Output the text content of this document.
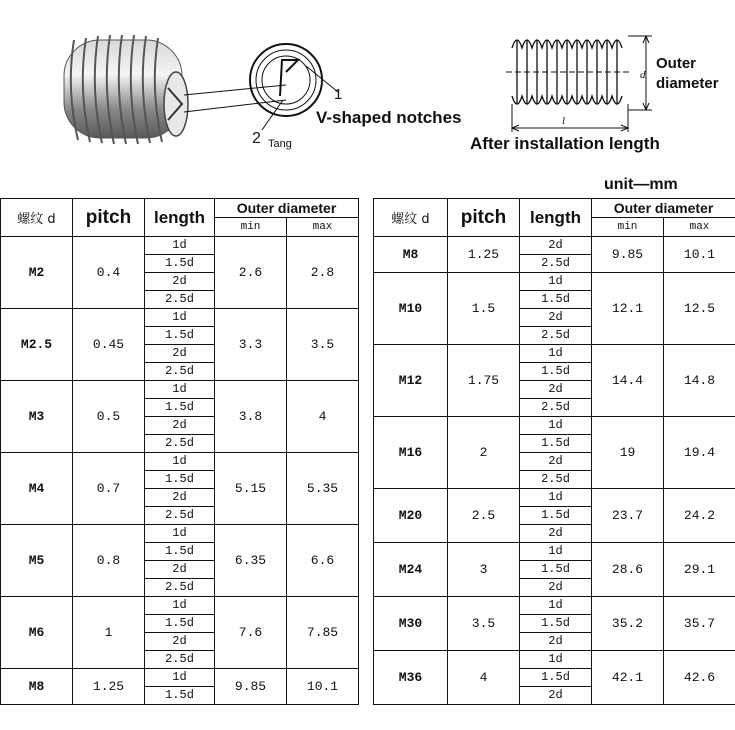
d
l
1
2 Tang
V-shaped notches
After installation length
Outer
diameter
unit—mm
螺纹 d	pitch	length	Outer diameter	
			min	max
M2	0.4	1d	2.6	2.8
		1.5d		
		2d		
		2.5d		
M2.5	0.45	1d	3.3	3.5
		1.5d		
		2d		
		2.5d		
M3	0.5	1d	3.8	4
		1.5d		
		2d		
		2.5d		
M4	0.7	1d	5.15	5.35
		1.5d		
		2d		
		2.5d		
M5	0.8	1d	6.35	6.6
		1.5d		
		2d		
		2.5d		
M6	1	1d	7.6	7.85
		1.5d		
		2d		
		2.5d		
M8	1.25	1d	9.85	10.1
		1.5d		
螺纹 d	pitch	length	Outer diameter	
			min	max
M8	1.25	2d	9.85	10.1
		2.5d		
M10	1.5	1d	12.1	12.5
		1.5d		
		2d		
		2.5d		
M12	1.75	1d	14.4	14.8
		1.5d		
		2d		
		2.5d		
M16	2	1d	19	19.4
		1.5d		
		2d		
		2.5d		
M20	2.5	1d	23.7	24.2
		1.5d		
		2d		
M24	3	1d	28.6	29.1
		1.5d		
		2d		
M30	3.5	1d	35.2	35.7
		1.5d		
		2d		
M36	4	1d	42.1	42.6
		1.5d		
		2d		
